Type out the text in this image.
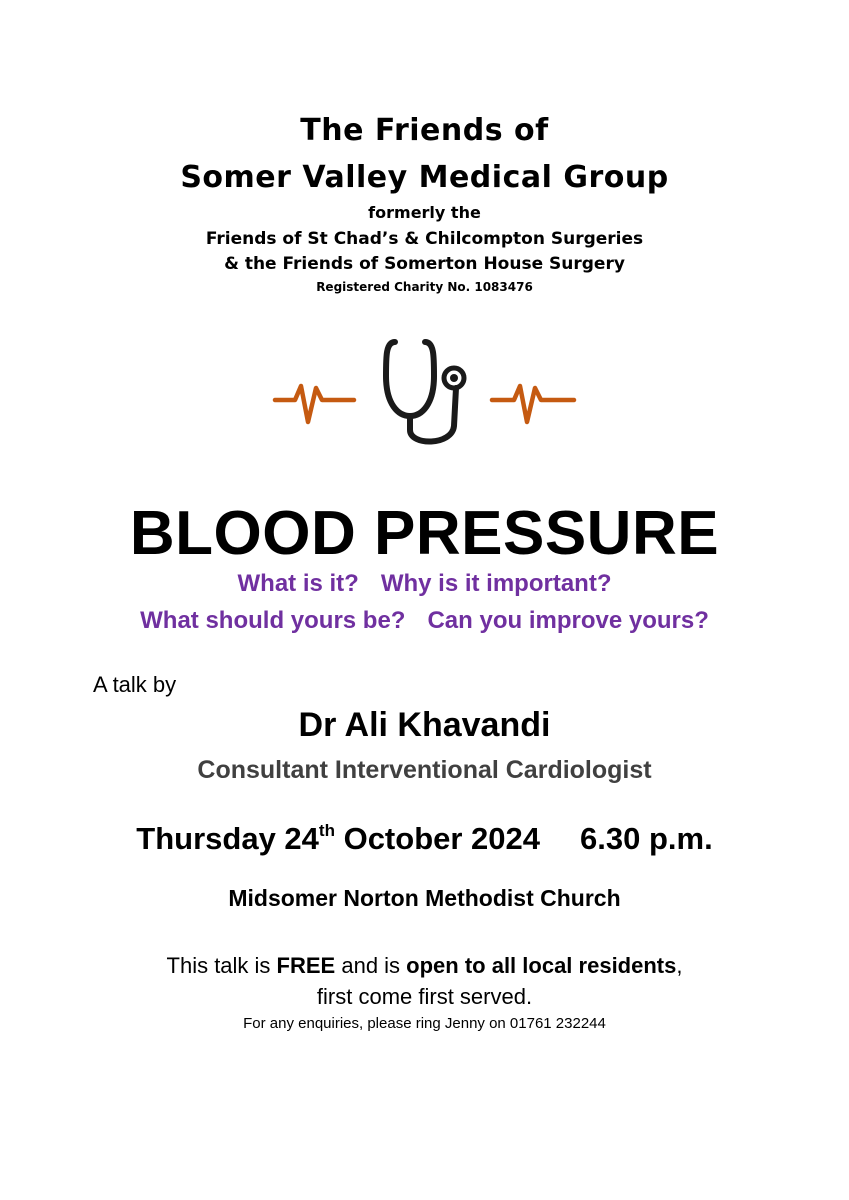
The Friends of
Somer Valley Medical Group
formerly the
Friends of St Chad’s & Chilcompton Surgeries
& the Friends of Somerton House Surgery
Registered Charity No. 1083476
BLOOD PRESSURE
What is it? Why is it important?
What should yours be? Can you improve yours?
A talk by
Dr Ali Khavandi
Consultant Interventional Cardiologist
Thursday 24th October 2024 6.30 p.m.
Midsomer Norton Methodist Church
This talk is FREE and is open to all local residents,
first come first served.
For any enquiries, please ring Jenny on 01761 232244
